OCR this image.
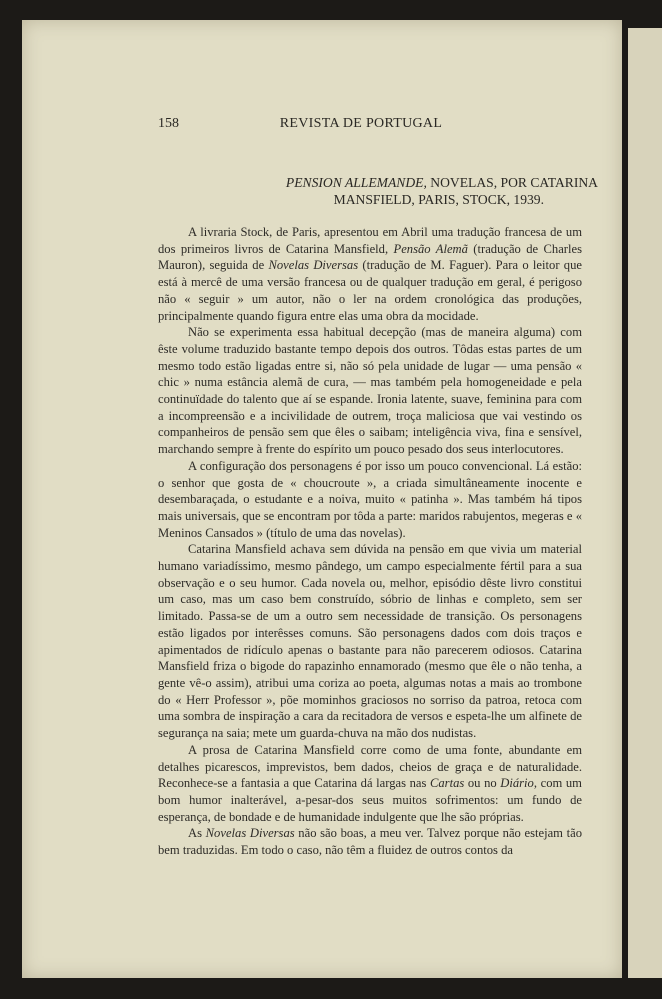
158	REVISTA DE PORTUGAL
PENSION ALLEMANDE, NOVELAS, POR CATARINA
MANSFIELD, PARIS, STOCK, 1939.

A livraria Stock, de Paris, apresentou em Abril uma tradução francesa de um dos primeiros livros de Catarina Mansfield, Pensão Alemã (tradução de Charles Mauron), seguida de Novelas Diversas (tradução de M. Faguer). Para o leitor que está à mercê de uma versão francesa ou de qualquer tradução em geral, é perigoso não « seguir » um autor, não o ler na ordem cronológica das produções, principalmente quando figura entre elas uma obra da mocidade.

Não se experimenta essa habitual decepção (mas de maneira alguma) com êste volume traduzido bastante tempo depois dos outros. Tôdas estas partes de um mesmo todo estão ligadas entre si, não só pela unidade de lugar — uma pensão « chic » numa estância alemã de cura, — mas também pela homogeneidade e pela continuïdade do talento que aí se espande. Ironia latente, suave, feminina para com a incompreensão e a incivilidade de outrem, troça maliciosa que vai vestindo os companheiros de pensão sem que êles o saibam; inteligência viva, fina e sensível, marchando sempre à frente do espírito um pouco pesado dos seus interlocutores.

A configuração dos personagens é por isso um pouco convencional. Lá estão: o senhor que gosta de « choucroute », a criada simultâneamente inocente e desembaraçada, o estudante e a noiva, muito « patinha ». Mas também há tipos mais universais, que se encontram por tôda a parte: maridos rabujentos, megeras e « Meninos Cansados » (título de uma das novelas).

Catarina Mansfield achava sem dúvida na pensão em que vivia um material humano variadíssimo, mesmo pândego, um campo especialmente fértil para a sua observação e o seu humor. Cada novela ou, melhor, episódio dêste livro constitui um caso, mas um caso bem construído, sóbrio de linhas e completo, sem ser limitado. Passa-se de um a outro sem necessidade de transição. Os personagens estão ligados por interêsses comuns. São personagens dados com dois traços e apimentados de ridículo apenas o bastante para não parecerem odiosos. Catarina Mansfield friza o bigode do rapazinho ennamorado (mesmo que êle o não tenha, a gente vê-o assim), atribui uma coriza ao poeta, algumas notas a mais ao trombone do « Herr Professor », põe mominhos graciosos no sorriso da patroa, retoca com uma sombra de inspiração a cara da recitadora de versos e espeta-lhe um alfinete de segurança na saia; mete um guarda-chuva na mão dos nudistas.

A prosa de Catarina Mansfield corre como de uma fonte, abundante em detalhes picarescos, imprevistos, bem dados, cheios de graça e de naturalidade. Reconhece-se a fantasia a que Catarina dá largas nas Cartas ou no Diário, com um bom humor inalterável, a-pesar-dos seus muitos sofrimentos: um fundo de esperança, de bondade e de humanidade indulgente que lhe são próprias.

As Novelas Diversas não são boas, a meu ver. Talvez porque não estejam tão bem traduzidas. Em todo o caso, não têm a fluidez de outros contos da
